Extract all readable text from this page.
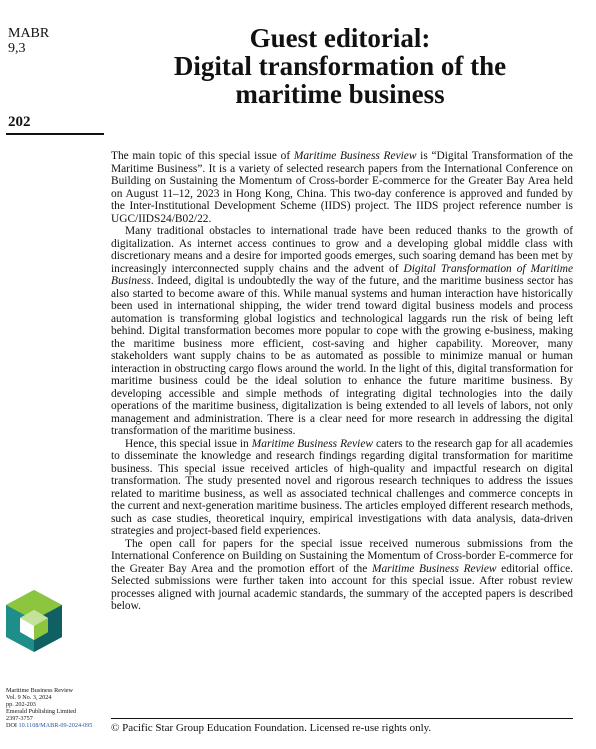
MABR
9,3
202
Guest editorial:
Digital transformation of the
maritime business

The main topic of this special issue of Maritime Business Review is “Digital Transformation of the Maritime Business”. It is a variety of selected research papers from the International Conference on Building on Sustaining the Momentum of Cross-border E-commerce for the Greater Bay Area held on August 11–12, 2023 in Hong Kong, China. This two-day conference is approved and funded by the Inter-Institutional Development Scheme (IIDS) project. The IIDS project reference number is UGC/IIDS24/B02/22.

Many traditional obstacles to international trade have been reduced thanks to the growth of digitalization. As internet access continues to grow and a developing global middle class with discretionary means and a desire for imported goods emerges, such soaring demand has been met by increasingly interconnected supply chains and the advent of Digital Transformation of Maritime Business. Indeed, digital is undoubtedly the way of the future, and the maritime business sector has also started to become aware of this. While manual systems and human interaction have historically been used in international shipping, the wider trend toward digital business models and process automation is transforming global logistics and technological laggards run the risk of being left behind. Digital transformation becomes more popular to cope with the growing e-business, making the maritime business more efficient, cost-saving and higher capability. Moreover, many stakeholders want supply chains to be as automated as possible to minimize manual or human interaction in obstructing cargo flows around the world. In the light of this, digital transformation for maritime business could be the ideal solution to enhance the future maritime business. By developing accessible and simple methods of integrating digital technologies into the daily operations of the maritime business, digitalization is being extended to all levels of labors, not only management and administration. There is a clear need for more research in addressing the digital transformation of the maritime business.

Hence, this special issue in Maritime Business Review caters to the research gap for all academies to disseminate the knowledge and research findings regarding digital transformation for maritime business. This special issue received articles of high-quality and impactful research on digital transformation. The study presented novel and rigorous research techniques to address the issues related to maritime business, as well as associated technical challenges and commerce concepts in the current and next-generation maritime business. The articles employed different research methods, such as case studies, theoretical inquiry, empirical investigations with data analysis, data-driven strategies and project-based field experiences.

The open call for papers for the special issue received numerous submissions from the International Conference on Building on Sustaining the Momentum of Cross-border E-commerce for the Greater Bay Area and the promotion effort of the Maritime Business Review editorial office. Selected submissions were further taken into account for this special issue. After robust review processes aligned with journal academic standards, the summary of the accepted papers is described below.

Maritime Business Review
Vol. 9 No. 3, 2024
pp. 202-203
Emerald Publishing Limited
2397-3757
DOI 10.1108/MABR-09-2024-095	© Pacific Star Group Education Foundation. Licensed re-use rights only.
